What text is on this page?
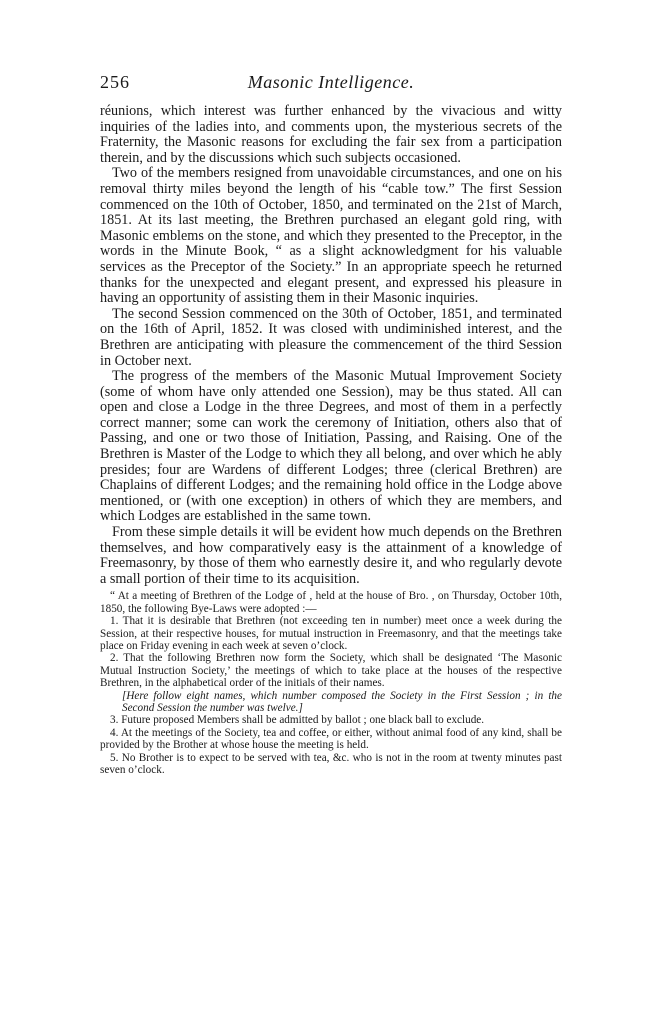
256	Masonic Intelligence.

réunions, which interest was further enhanced by the vivacious and witty inquiries of the ladies into, and comments upon, the mysterious secrets of the Fraternity, the Masonic reasons for excluding the fair sex from a participation therein, and by the discussions which such subjects occasioned.

Two of the members resigned from unavoidable circumstances, and one on his removal thirty miles beyond the length of his “cable tow.” The first Session commenced on the 10th of October, 1850, and terminated on the 21st of March, 1851. At its last meeting, the Brethren purchased an elegant gold ring, with Masonic emblems on the stone, and which they presented to the Preceptor, in the words in the Minute Book, “ as a slight acknowledgment for his valuable services as the Preceptor of the Society.” In an appropriate speech he returned thanks for the unexpected and elegant present, and expressed his pleasure in having an opportunity of assisting them in their Masonic inquiries.

The second Session commenced on the 30th of October, 1851, and terminated on the 16th of April, 1852. It was closed with undiminished interest, and the Brethren are anticipating with pleasure the commencement of the third Session in October next.

The progress of the members of the Masonic Mutual Improvement Society (some of whom have only attended one Session), may be thus stated. All can open and close a Lodge in the three Degrees, and most of them in a perfectly correct manner; some can work the ceremony of Initiation, others also that of Passing, and one or two those of Initiation, Passing, and Raising. One of the Brethren is Master of the Lodge to which they all belong, and over which he ably presides; four are Wardens of different Lodges; three (clerical Brethren) are Chaplains of different Lodges; and the remaining hold office in the Lodge above mentioned, or (with one exception) in others of which they are members, and which Lodges are established in the same town.

From these simple details it will be evident how much depends on the Brethren themselves, and how comparatively easy is the attainment of a knowledge of Freemasonry, by those of them who earnestly desire it, and who regularly devote a small portion of their time to its acquisition.

“ At a meeting of Brethren of the Lodge of , held at the house of Bro. , on Thursday, October 10th, 1850, the following Bye-Laws were adopted :—

1. That it is desirable that Brethren (not exceeding ten in number) meet once a week during the Session, at their respective houses, for mutual instruction in Freemasonry, and that the meetings take place on Friday evening in each week at seven o’clock.

2. That the following Brethren now form the Society, which shall be designated ‘The Masonic Mutual Instruction Society,’ the meetings of which to take place at the houses of the respective Brethren, in the alphabetical order of the initials of their names.

[Here follow eight names, which number composed the Society in the First Session ; in the Second Session the number was twelve.]

3. Future proposed Members shall be admitted by ballot ; one black ball to exclude.

4. At the meetings of the Society, tea and coffee, or either, without animal food of any kind, shall be provided by the Brother at whose house the meeting is held.

5. No Brother is to expect to be served with tea, &c. who is not in the room at twenty minutes past seven o’clock.
